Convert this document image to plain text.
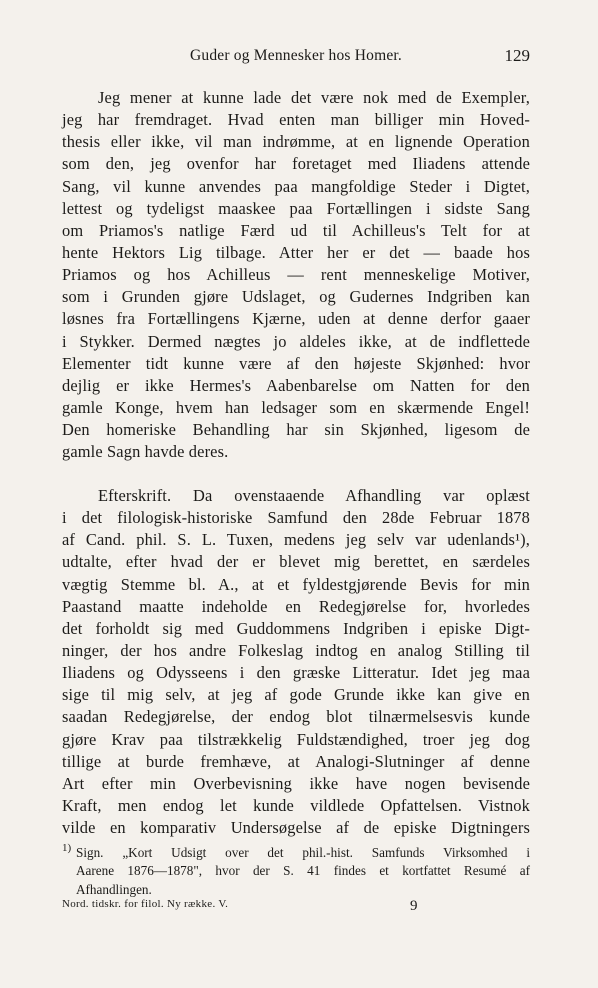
Guder og Mennesker hos Homer.	129
Jeg mener at kunne lade det være nok med de Exempler,
jeg har fremdraget. Hvad enten man billiger min Hoved-
thesis eller ikke, vil man indrømme, at en lignende Operation
som den, jeg ovenfor har foretaget med Iliadens attende
Sang, vil kunne anvendes paa mangfoldige Steder i Digtet,
lettest og tydeligst maaskee paa Fortællingen i sidste Sang
om Priamos's natlige Færd ud til Achilleus's Telt for at
hente Hektors Lig tilbage. Atter her er det — baade hos
Priamos og hos Achilleus — rent menneskelige Motiver,
som i Grunden gjøre Udslaget, og Gudernes Indgriben kan
løsnes fra Fortællingens Kjærne, uden at denne derfor gaaer
i Stykker. Dermed nægtes jo aldeles ikke, at de indflettede
Elementer tidt kunne være af den højeste Skjønhed: hvor
dejlig er ikke Hermes's Aabenbarelse om Natten for den
gamle Konge, hvem han ledsager som en skærmende Engel!
Den homeriske Behandling har sin Skjønhed, ligesom de
gamle Sagn havde deres.
Efterskrift. Da ovenstaaende Afhandling var oplæst
i det filologisk-historiske Samfund den 28de Februar 1878
af Cand. phil. S. L. Tuxen, medens jeg selv var udenlands¹),
udtalte, efter hvad der er blevet mig berettet, en særdeles
vægtig Stemme bl. A., at et fyldestgjørende Bevis for min
Paastand maatte indeholde en Redegjørelse for, hvorledes
det forholdt sig med Guddommens Indgriben i episke Digt-
ninger, der hos andre Folkeslag indtog en analog Stilling til
Iliadens og Odysseens i den græske Litteratur. Idet jeg maa
sige til mig selv, at jeg af gode Grunde ikke kan give en
saadan Redegjørelse, der endog blot tilnærmelsesvis kunde
gjøre Krav paa tilstrækkelig Fuldstændighed, troer jeg dog
tillige at burde fremhæve, at Analogi-Slutninger af denne
Art efter min Overbevisning ikke have nogen bevisende
Kraft, men endog let kunde vildlede Opfattelsen. Vistnok
vilde en komparativ Undersøgelse af de episke Digtningers
1) Sign. „Kort Udsigt over det phil.-hist. Samfunds Virksomhed i
Aarene 1876—1878", hvor der S. 41 findes et kortfattet Resumé af
Afhandlingen.
Nord. tidskr. for filol. Ny række. V.	9
